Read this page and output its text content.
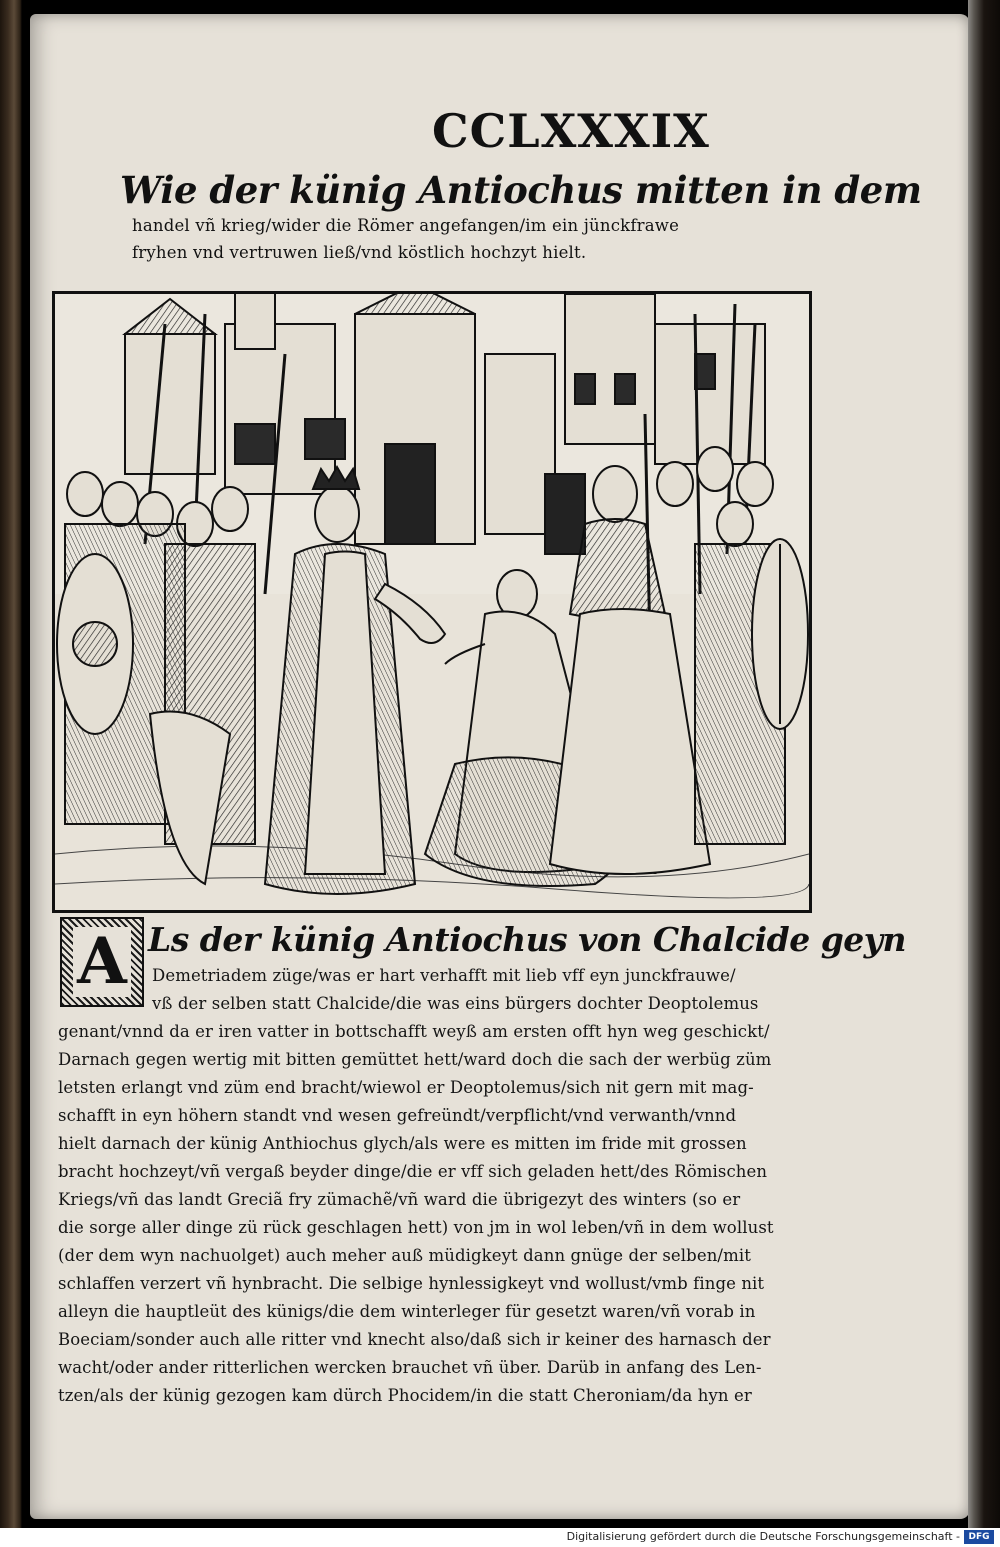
CCLXXXIX
Wie der künig Antiochus mitten in dem
handel vñ krieg/wider die Römer angefangen/im ein jünckfrawe
fryhen vnd vertruwen ließ/vnd köstlich hochzyt hielt.
A Ls der künig Antiochus von Chalcide geyn
Demetriadem züge/was er hart verhafft mit lieb vff eyn junckfrauwe/
vß der selben statt Chalcide/die was eins bürgers dochter Deoptolemus
genant/vnnd da er iren vatter in bottschafft weyß am ersten offt hyn weg geschickt/
Darnach gegen wertig mit bitten gemüttet hett/ward doch die sach der werbüg züm
letsten erlangt vnd züm end bracht/wiewol er Deoptolemus/sich nit gern mit mag-
schafft in eyn höhern standt vnd wesen gefreündt/verpflicht/vnd verwanth/vnnd
hielt darnach der künig Anthiochus glych/als were es mitten im fride mit grossen
bracht hochzeyt/vñ vergaß beyder dinge/die er vff sich geladen hett/des Römischen
Kriegs/vñ das landt Greciã fry zümachẽ/vñ ward die übrigezyt des winters (so er
die sorge aller dinge zü rück geschlagen hett) von jm in wol leben/vñ in dem wollust
(der dem wyn nachuolget) auch meher auß müdigkeyt dann gnüge der selben/mit
schlaffen verzert vñ hynbracht. Die selbige hynlessigkeyt vnd wollust/vmb finge nit
alleyn die hauptleüt des künigs/die dem winterleger für gesetzt waren/vñ vorab in
Boeciam/sonder auch alle ritter vnd knecht also/daß sich ir keiner des harnasch der
wacht/oder ander ritterlichen wercken brauchet vñ über. Darüb in anfang des Len-
tzen/als der künig gezogen kam dürch Phocidem/in die statt Cheroniam/da hyn er
Digitalisierung gefördert durch die Deutsche Forschungsgemeinschaft - DFG
